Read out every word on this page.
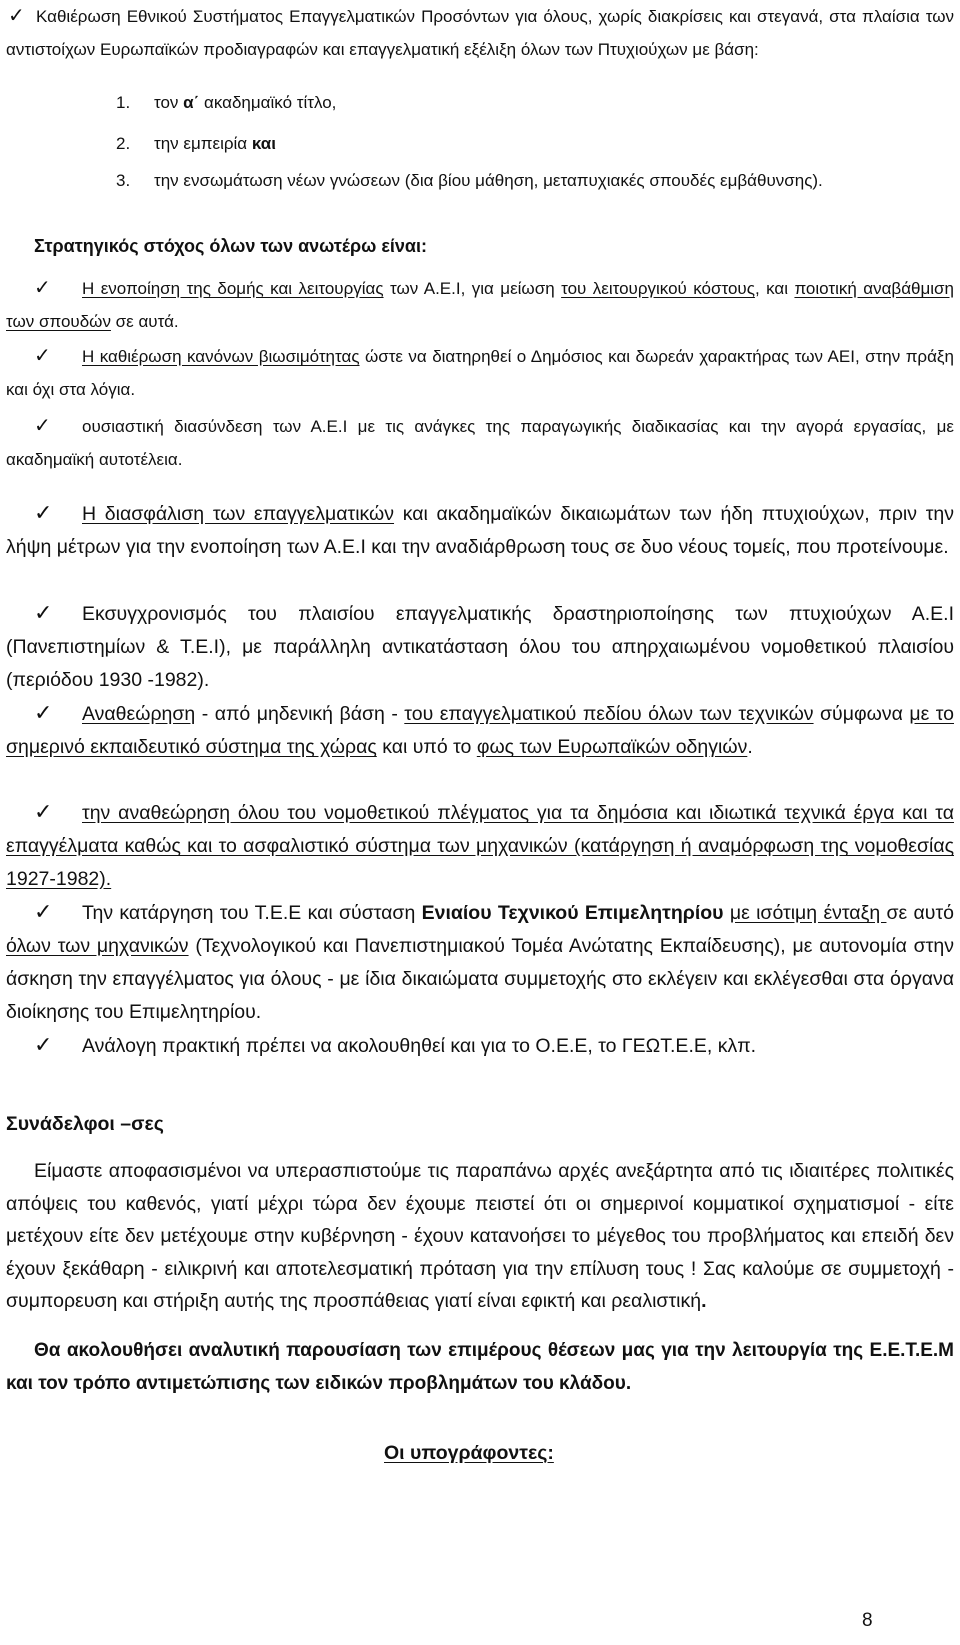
✓ Καθιέρωση Εθνικού Συστήματος Επαγγελματικών Προσόντων για όλους, χωρίς διακρίσεις και στεγανά, στα πλαίσια των αντιστοίχων Ευρωπαϊκών προδιαγραφών και επαγγελματική εξέλιξη όλων των Πτυχιούχων με βάση:

1. τον α΄ ακαδημαϊκό τίτλο,

2. την εμπειρία και

3. την ενσωμάτωση νέων γνώσεων (δια βίου μάθηση, μεταπυχιακές σπουδές εμβάθυνσης).

Στρατηγικός στόχος όλων των ανωτέρω είναι:

✓ Η ενοποίηση της δομής και λειτουργίας των Α.Ε.Ι, για μείωση του λειτουργικού κόστους, και ποιοτική αναβάθμιση των σπουδών σε αυτά.

✓ Η καθιέρωση κανόνων βιωσιμότητας ώστε να διατηρηθεί ο Δημόσιος και δωρεάν χαρακτήρας των ΑΕΙ, στην πράξη και όχι στα λόγια.

✓ ουσιαστική διασύνδεση των Α.Ε.Ι με τις ανάγκες της παραγωγικής διαδικασίας και την αγορά εργασίας, με ακαδημαϊκή αυτοτέλεια.

✓ Η διασφάλιση των επαγγελματικών και ακαδημαϊκών δικαιωμάτων των ήδη πτυχιούχων, πριν την λήψη μέτρων για την ενοποίηση των Α.Ε.Ι και την αναδιάρθρωση τους σε δυο νέους τομείς, που προτείνουμε.

✓ Εκσυγχρονισμός του πλαισίου επαγγελματικής δραστηριοποίησης των πτυχιούχων Α.Ε.Ι (Πανεπιστημίων & Τ.Ε.Ι), με παράλληλη αντικατάσταση όλου του απηρχαιωμένου νομοθετικού πλαισίου (περιόδου 1930 -1982).

✓ Αναθεώρηση - από μηδενική βάση - του επαγγελματικού πεδίου όλων των τεχνικών σύμφωνα με το σημερινό εκπαιδευτικό σύστημα της χώρας και υπό το φως των Ευρωπαϊκών οδηγιών.

✓ την αναθεώρηση όλου του νομοθετικού πλέγματος για τα δημόσια και ιδιωτικά τεχνικά έργα και τα επαγγέλματα καθώς και το ασφαλιστικό σύστημα των μηχανικών (κατάργηση ή αναμόρφωση της νομοθεσίας 1927-1982).

✓ Την κατάργηση του Τ.Ε.Ε και σύσταση Ενιαίου Τεχνικού Επιμελητηρίου με ισότιμη ένταξη σε αυτό όλων των μηχανικών (Τεχνολογικού και Πανεπιστημιακού Τομέα Ανώτατης Εκπαίδευσης), με αυτονομία στην άσκηση την επαγγέλματος για όλους - με ίδια δικαιώματα συμμετοχής στο εκλέγειν και εκλέγεσθαι στα όργανα διοίκησης του Επιμελητηρίου.

✓ Ανάλογη πρακτική πρέπει να ακολουθηθεί και για το Ο.Ε.Ε, το ΓΕΩΤ.Ε.Ε, κλπ.

Συνάδελφοι –σες

Είμαστε αποφασισμένοι να υπερασπιστούμε τις παραπάνω αρχές ανεξάρτητα από τις ιδιαιτέρες πολιτικές απόψεις του καθενός, γιατί μέχρι τώρα δεν έχουμε πειστεί ότι οι σημερινοί κομματικοί σχηματισμοί - είτε μετέχουν είτε δεν μετέχουμε στην κυβέρνηση - έχουν κατανοήσει το μέγεθος του προβλήματος και επειδή δεν έχουν ξεκάθαρη - ειλικρινή και αποτελεσματική πρόταση για την επίλυση τους ! Σας καλούμε σε συμμετοχή - συμπορευση και στήριξη αυτής της προσπάθειας γιατί είναι εφικτή και ρεαλιστική.

Θα ακολουθήσει αναλυτική παρουσίαση των επιμέρους θέσεων μας για την λειτουργία της Ε.Ε.Τ.Ε.Μ και τον τρόπο αντιμετώπισης των ειδικών προβλημάτων του κλάδου.

Οι υπογράφοντες:
8
